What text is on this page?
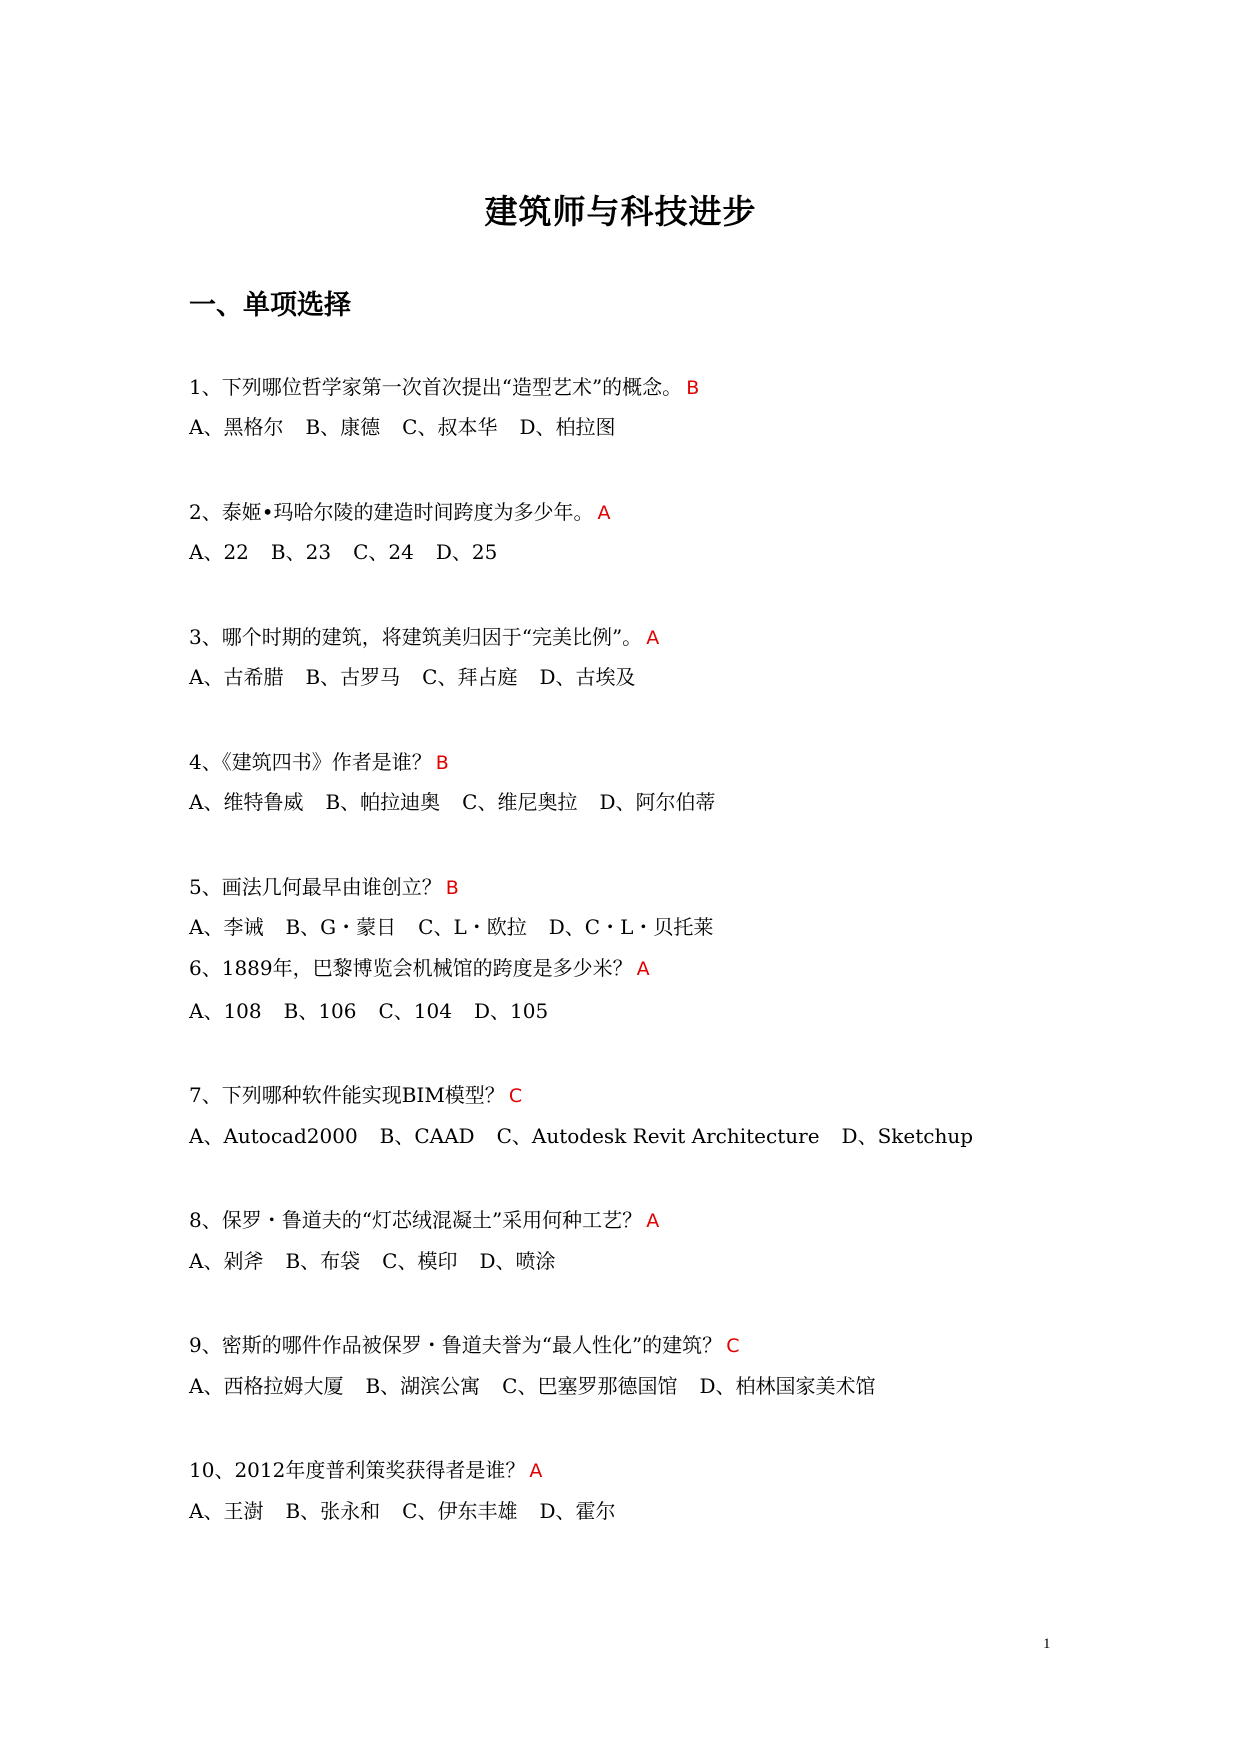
建筑师与科技进步
一、单项选择
1、下列哪位哲学家第一次首次提出“造型艺术”的概念。 B
A、黑格尔 B、康德 C、叔本华 D、柏拉图
2、泰姬•玛哈尔陵的建造时间跨度为多少年。 A
A、22 B、23 C、24 D、25
3、哪个时期的建筑，将建筑美归因于“完美比例”。 A
A、古希腊 B、古罗马 C、拜占庭 D、古埃及
4、《建筑四书》作者是谁？ B
A、维特鲁威 B、帕拉迪奥 C、维尼奥拉 D、阿尔伯蒂
5、画法几何最早由谁创立？ B
A、李诫 B、G・蒙日 C、L・欧拉 D、C・L・贝托莱
6、1889年，巴黎博览会机械馆的跨度是多少米？ A
A、108 B、106 C、104 D、105
7、下列哪种软件能实现BIM模型？ C
A、Autocad2000 B、CAAD C、Autodesk Revit Architecture D、Sketchup
8、保罗・鲁道夫的“灯芯绒混凝土”采用何种工艺？ A
A、剁斧 B、布袋 C、模印 D、喷涂
9、密斯的哪件作品被保罗・鲁道夫誉为“最人性化”的建筑？ C
A、西格拉姆大厦 B、湖滨公寓 C、巴塞罗那德国馆 D、柏林国家美术馆
10、2012年度普利策奖获得者是谁？ A
A、王澍 B、张永和 C、伊东丰雄 D、霍尔
1
